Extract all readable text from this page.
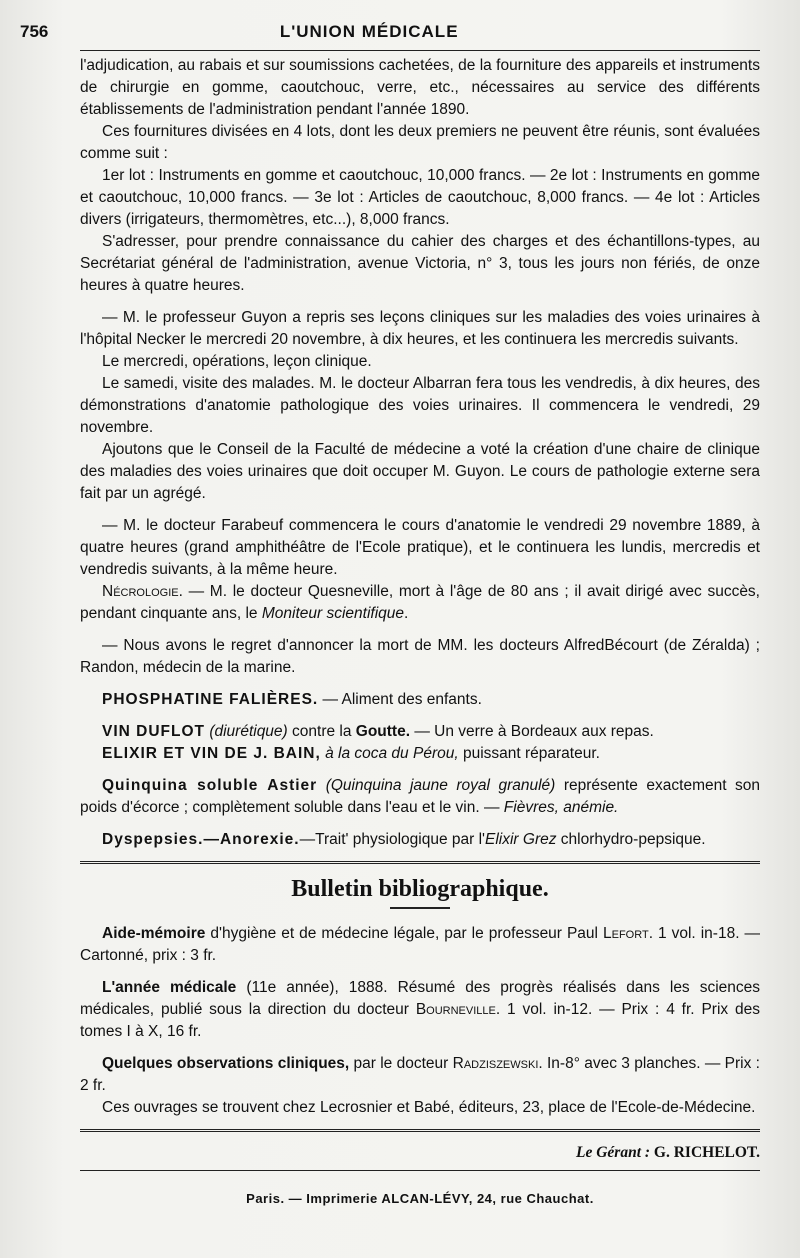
756	L'UNION MÉDICALE

l'adjudication, au rabais et sur soumissions cachetées, de la fourniture des appareils et instruments de chirurgie en gomme, caoutchouc, verre, etc., nécessaires au service des différents établissements de l'administration pendant l'année 1890.

Ces fournitures divisées en 4 lots, dont les deux premiers ne peuvent être réunis, sont évaluées comme suit :

1er lot : Instruments en gomme et caoutchouc, 10,000 francs. — 2e lot : Instruments en gomme et caoutchouc, 10,000 francs. — 3e lot : Articles de caoutchouc, 8,000 francs. — 4e lot : Articles divers (irrigateurs, thermomètres, etc...), 8,000 francs.

S'adresser, pour prendre connaissance du cahier des charges et des échantillons-types, au Secrétariat général de l'administration, avenue Victoria, n° 3, tous les jours non fériés, de onze heures à quatre heures.

— M. le professeur Guyon a repris ses leçons cliniques sur les maladies des voies urinaires à l'hôpital Necker le mercredi 20 novembre, à dix heures, et les continuera les mercredis suivants.

Le mercredi, opérations, leçon clinique.

Le samedi, visite des malades. M. le docteur Albarran fera tous les vendredis, à dix heures, des démonstrations d'anatomie pathologique des voies urinaires. Il commencera le vendredi, 29 novembre.

Ajoutons que le Conseil de la Faculté de médecine a voté la création d'une chaire de clinique des maladies des voies urinaires que doit occuper M. Guyon. Le cours de pathologie externe sera fait par un agrégé.

— M. le docteur Farabeuf commencera le cours d'anatomie le vendredi 29 novembre 1889, à quatre heures (grand amphithéâtre de l'Ecole pratique), et le continuera les lundis, mercredis et vendredis suivants, à la même heure.

Nécrologie. — M. le docteur Quesneville, mort à l'âge de 80 ans ; il avait dirigé avec succès, pendant cinquante ans, le Moniteur scientifique.

— Nous avons le regret d'annoncer la mort de MM. les docteurs AlfredBécourt (de Zéralda) ; Randon, médecin de la marine.

PHOSPHATINE FALIÈRES. — Aliment des enfants.

VIN DUFLOT (diurétique) contre la Goutte. — Un verre à Bordeaux aux repas.

ELIXIR ET VIN DE J. BAIN, à la coca du Pérou, puissant réparateur.

Quinquina soluble Astier (Quinquina jaune royal granulé) représente exactement son poids d'écorce ; complètement soluble dans l'eau et le vin. — Fièvres, anémie.

Dyspepsies.—Anorexie.—Trait' physiologique par l'Elixir Grez chlorhydro-pepsique.

Bulletin bibliographique.

Aide-mémoire d'hygiène et de médecine légale, par le professeur Paul Lefort. 1 vol. in-18. — Cartonné, prix : 3 fr.

L'année médicale (11e année), 1888. Résumé des progrès réalisés dans les sciences médicales, publié sous la direction du docteur Bourneville. 1 vol. in-12. — Prix : 4 fr. Prix des tomes I à X, 16 fr.

Quelques observations cliniques, par le docteur Radziszewski. In-8° avec 3 planches. — Prix : 2 fr.

Ces ouvrages se trouvent chez Lecrosnier et Babé, éditeurs, 23, place de l'Ecole-de-Médecine.

Le Gérant : G. RICHELOT.
Paris. — Imprimerie ALCAN-LÉVY, 24, rue Chauchat.
